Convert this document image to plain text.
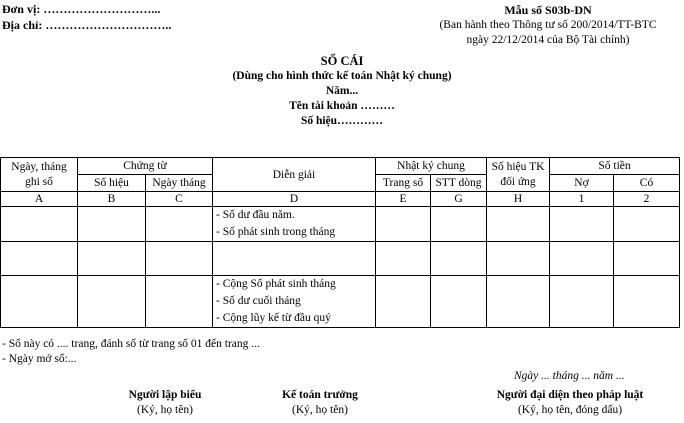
Đơn vị: ………………………...
Địa chỉ: …………………………..
Mẫu số S03b-DN
(Ban hành theo Thông tư số 200/2014/TT-BTC
ngày 22/12/2014 của Bộ Tài chính)
SỔ CÁI
(Dùng cho hình thức kế toán Nhật ký chung)
Năm...
Tên tài khoản ………
Số hiệu…………
Ngày, tháng ghi sổ	Chứng từ		Diễn giải	Nhật ký chung		Số hiệu TK đối ứng	Số tiền	
	Số hiệu	Ngày tháng		Trang số	STT dòng		Nợ	Có
A	B	C	D	E	G	H	1	2

			- Số dư đầu năm.
- Số phát sinh trong tháng					

			- Cộng Số phát sinh tháng
- Số dư cuối tháng
- Cộng lũy kế từ đầu quý					

- Sổ này có .... trang, đánh số từ trang số 01 đến trang ...
- Ngày mở sổ:...
Ngày ... tháng ... năm ...
Người lập biểu
(Ký, họ tên)
Kế toán trưởng
(Ký, họ tên)
Người đại diện theo pháp luật
(Ký, họ tên, đóng dấu)
